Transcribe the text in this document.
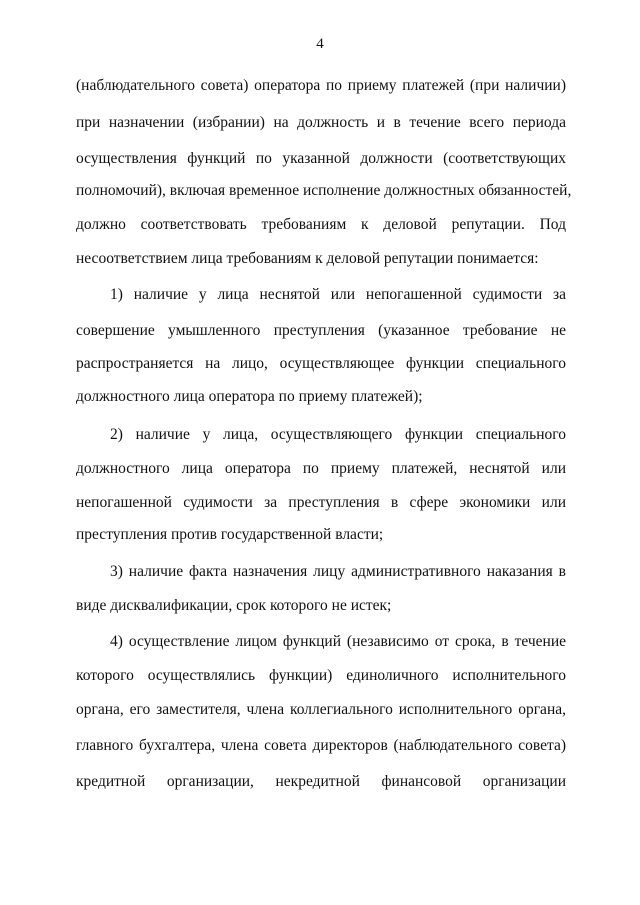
4
(наблюдательного совета) оператора по приему платежей (при наличии)
при назначении (избрании) на должность и в течение всего периода
осуществления функций по указанной должности (соответствующих
полномочий), включая временное исполнение должностных обязанностей,
должно соответствовать требованиям к деловой репутации. Под
несоответствием лица требованиям к деловой репутации понимается:
1) наличие у лица неснятой или непогашенной судимости за
совершение умышленного преступления (указанное требование не
распространяется на лицо, осуществляющее функции специального
должностного лица оператора по приему платежей);
2) наличие у лица, осуществляющего функции специального
должностного лица оператора по приему платежей, неснятой или
непогашенной судимости за преступления в сфере экономики или
преступления против государственной власти;
3) наличие факта назначения лицу административного наказания в
виде дисквалификации, срок которого не истек;
4) осуществление лицом функций (независимо от срока, в течение
которого осуществлялись функции) единоличного исполнительного
органа, его заместителя, члена коллегиального исполнительного органа,
главного бухгалтера, члена совета директоров (наблюдательного совета)
кредитной организации, некредитной финансовой организации
